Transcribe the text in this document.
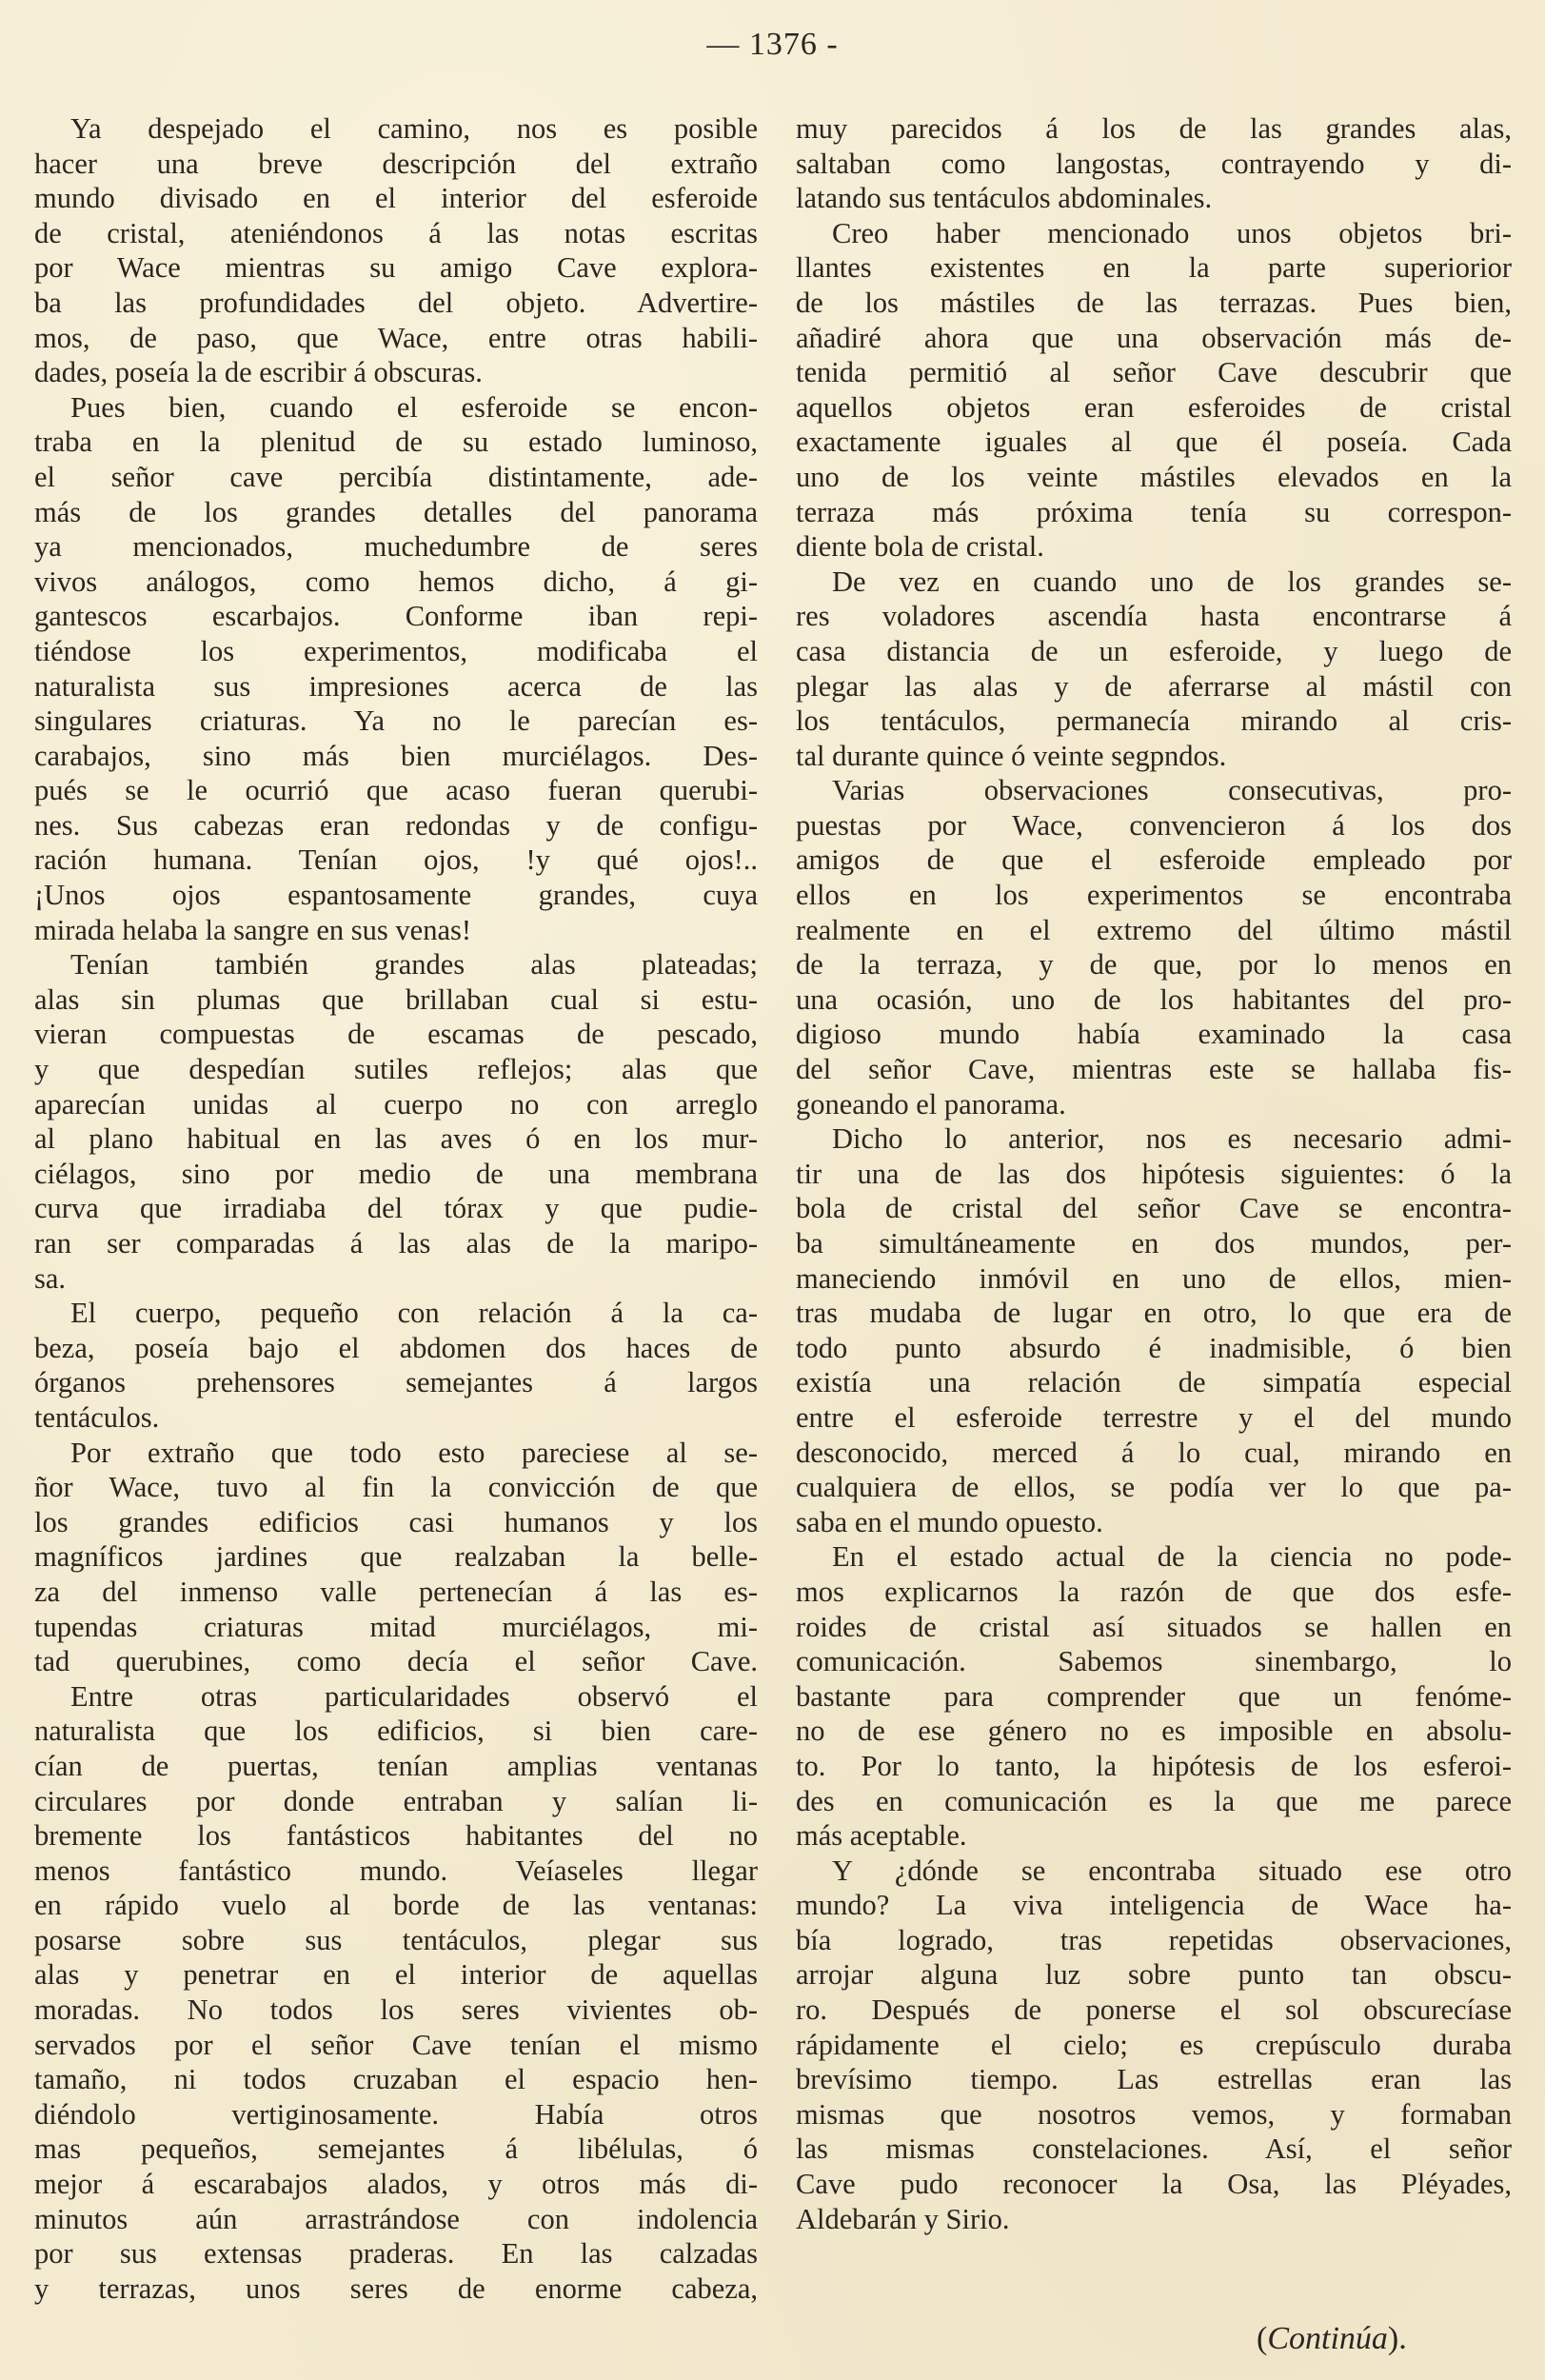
— 1376 -
Ya despejado el camino, nos es posible
hacer una breve descripción del extraño
mundo divisado en el interior del esferoide
de cristal, ateniéndonos á las notas escritas
por Wace mientras su amigo Cave explora-
ba las profundidades del objeto. Advertire-
mos, de paso, que Wace, entre otras habili-
dades, poseía la de escribir á obscuras.
Pues bien, cuando el esferoide se encon-
traba en la plenitud de su estado luminoso,
el señor cave percibía distintamente, ade-
más de los grandes detalles del panorama
ya mencionados, muchedumbre de seres
vivos análogos, como hemos dicho, á gi-
gantescos escarbajos. Conforme iban repi-
tiéndose los experimentos, modificaba el
naturalista sus impresiones acerca de las
singulares criaturas. Ya no le parecían es-
carabajos, sino más bien murciélagos. Des-
pués se le ocurrió que acaso fueran querubi-
nes. Sus cabezas eran redondas y de configu-
ración humana. Tenían ojos, !y qué ojos!..
¡Unos ojos espantosamente grandes, cuya
mirada helaba la sangre en sus venas!
Tenían también grandes alas plateadas;
alas sin plumas que brillaban cual si estu-
vieran compuestas de escamas de pescado,
y que despedían sutiles reflejos; alas que
aparecían unidas al cuerpo no con arreglo
al plano habitual en las aves ó en los mur-
ciélagos, sino por medio de una membrana
curva que irradiaba del tórax y que pudie-
ran ser comparadas á las alas de la maripo-
sa.
El cuerpo, pequeño con relación á la ca-
beza, poseía bajo el abdomen dos haces de
órganos prehensores semejantes á largos
tentáculos.
Por extraño que todo esto pareciese al se-
ñor Wace, tuvo al fin la convicción de que
los grandes edificios casi humanos y los
magníficos jardines que realzaban la belle-
za del inmenso valle pertenecían á las es-
tupendas criaturas mitad murciélagos, mi-
tad querubines, como decía el señor Cave.
Entre otras particularidades observó el
naturalista que los edificios, si bien care-
cían de puertas, tenían amplias ventanas
circulares por donde entraban y salían li-
bremente los fantásticos habitantes del no
menos fantástico mundo. Veíaseles llegar
en rápido vuelo al borde de las ventanas:
posarse sobre sus tentáculos, plegar sus
alas y penetrar en el interior de aquellas
moradas. No todos los seres vivientes ob-
servados por el señor Cave tenían el mismo
tamaño, ni todos cruzaban el espacio hen-
diéndolo vertiginosamente. Había otros
mas pequeños, semejantes á libélulas, ó
mejor á escarabajos alados, y otros más di-
minutos aún arrastrándose con indolencia
por sus extensas praderas. En las calzadas
y terrazas, unos seres de enorme cabeza,
muy parecidos á los de las grandes alas,
saltaban como langostas, contrayendo y di-
latando sus tentáculos abdominales.
Creo haber mencionado unos objetos bri-
llantes existentes en la parte superiorior
de los mástiles de las terrazas. Pues bien,
añadiré ahora que una observación más de-
tenida permitió al señor Cave descubrir que
aquellos objetos eran esferoides de cristal
exactamente iguales al que él poseía. Cada
uno de los veinte mástiles elevados en la
terraza más próxima tenía su correspon-
diente bola de cristal.
De vez en cuando uno de los grandes se-
res voladores ascendía hasta encontrarse á
casa distancia de un esferoide, y luego de
plegar las alas y de aferrarse al mástil con
los tentáculos, permanecía mirando al cris-
tal durante quince ó veinte segpndos.
Varias observaciones consecutivas, pro-
puestas por Wace, convencieron á los dos
amigos de que el esferoide empleado por
ellos en los experimentos se encontraba
realmente en el extremo del último mástil
de la terraza, y de que, por lo menos en
una ocasión, uno de los habitantes del pro-
digioso mundo había examinado la casa
del señor Cave, mientras este se hallaba fis-
goneando el panorama.
Dicho lo anterior, nos es necesario admi-
tir una de las dos hipótesis siguientes: ó la
bola de cristal del señor Cave se encontra-
ba simultáneamente en dos mundos, per-
maneciendo inmóvil en uno de ellos, mien-
tras mudaba de lugar en otro, lo que era de
todo punto absurdo é inadmisible, ó bien
existía una relación de simpatía especial
entre el esferoide terrestre y el del mundo
desconocido, merced á lo cual, mirando en
cualquiera de ellos, se podía ver lo que pa-
saba en el mundo opuesto.
En el estado actual de la ciencia no pode-
mos explicarnos la razón de que dos esfe-
roides de cristal así situados se hallen en
comunicación. Sabemos sinembargo, lo
bastante para comprender que un fenóme-
no de ese género no es imposible en absolu-
to. Por lo tanto, la hipótesis de los esferoi-
des en comunicación es la que me parece
más aceptable.
Y ¿dónde se encontraba situado ese otro
mundo? La viva inteligencia de Wace ha-
bía logrado, tras repetidas observaciones,
arrojar alguna luz sobre punto tan obscu-
ro. Después de ponerse el sol obscurecíase
rápidamente el cielo; es crepúsculo duraba
brevísimo tiempo. Las estrellas eran las
mismas que nosotros vemos, y formaban
las mismas constelaciones. Así, el señor
Cave pudo reconocer la Osa, las Pléyades,
Aldebarán y Sirio.
(Continúa).
